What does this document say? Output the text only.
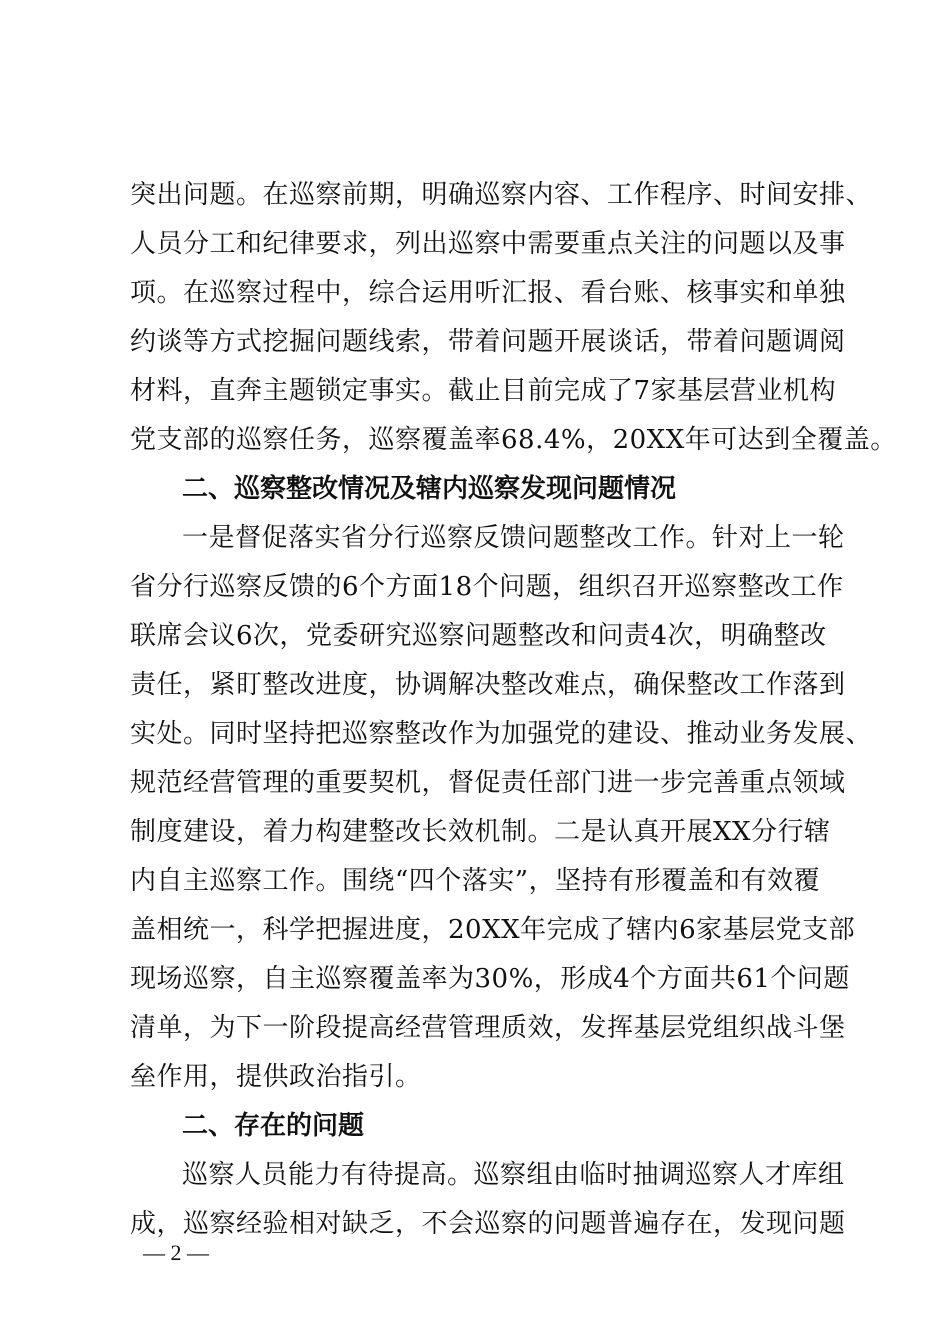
突出问题。在巡察前期，明确巡察内容、工作程序、时间安排、
人员分工和纪律要求，列出巡察中需要重点关注的问题以及事
项。在巡察过程中，综合运用听汇报、看台账、核事实和单独
约谈等方式挖掘问题线索，带着问题开展谈话，带着问题调阅
材料，直奔主题锁定事实。截止目前完成了7家基层营业机构
党支部的巡察任务，巡察覆盖率68.4%，20XX年可达到全覆盖。
二、巡察整改情况及辖内巡察发现问题情况
一是督促落实省分行巡察反馈问题整改工作。针对上一轮
省分行巡察反馈的6个方面18个问题，组织召开巡察整改工作
联席会议6次，党委研究巡察问题整改和问责4次，明确整改
责任，紧盯整改进度，协调解决整改难点，确保整改工作落到
实处。同时坚持把巡察整改作为加强党的建设、推动业务发展、
规范经营管理的重要契机，督促责任部门进一步完善重点领域
制度建设，着力构建整改长效机制。二是认真开展XX分行辖
内自主巡察工作。围绕“四个落实”，坚持有形覆盖和有效覆
盖相统一，科学把握进度，20XX年完成了辖内6家基层党支部
现场巡察，自主巡察覆盖率为30%，形成4个方面共61个问题
清单，为下一阶段提高经营管理质效，发挥基层党组织战斗堡
垒作用，提供政治指引。
二、存在的问题
巡察人员能力有待提高。巡察组由临时抽调巡察人才库组
成，巡察经验相对缺乏，不会巡察的问题普遍存在，发现问题
— 2 —
